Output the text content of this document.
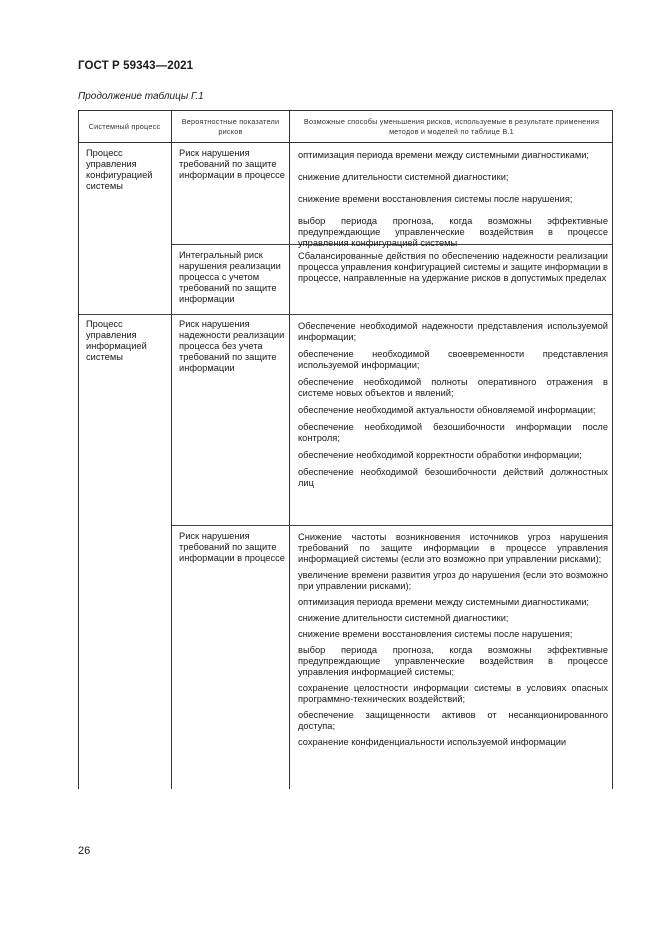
ГОСТ Р 59343—2021
Продолжение таблицы Г.1
Системный процесс
Вероятностные показатели рисков
Возможные способы уменьшения рисков, используемые в результате применения методов и моделей по таблице В.1
Процесс управления конфигурацией системы
Риск нарушения требований по защите информации в процессе

оптимизация периода времени между системными диагностиками;

снижение длительности системной диагностики;

снижение времени восстановления системы после нарушения;

выбор периода прогноза, когда возможны эффективные предупреждающие управленческие воздействия в процессе управления конфигурацией системы

Интегральный риск нарушения реализации процесса с учетом требований по защите информации

Сбалансированные действия по обеспечению надежности реализации процесса управления конфигурацией системы и защите информации в процессе, направленные на удержание рисков в допустимых пределах

Процесс управления информацией системы
Риск нарушения надежности реализации процесса без учета требований по защите информации

Обеспечение необходимой надежности представления используемой информации;

обеспечение необходимой своевременности представления используемой информации;

обеспечение необходимой полноты оперативного отражения в системе новых объектов и явлений;

обеспечение необходимой актуальности обновляемой информации;

обеспечение необходимой безошибочности информации после контроля;

обеспечение необходимой корректности обработки информации;

обеспечение необходимой безошибочности действий должностных лиц

Риск нарушения требований по защите информации в процессе

Снижение частоты возникновения источников угроз нарушения требований по защите информации в процессе управления информацией системы (если это возможно при управлении рисками);

увеличение времени развития угроз до нарушения (если это возможно при управлении рисками);

оптимизация периода времени между системными диагностиками;

снижение длительности системной диагностики;

снижение времени восстановления системы после нарушения;

выбор периода прогноза, когда возможны эффективные предупреждающие управленческие воздействия в процессе управления информацией системы;

сохранение целостности информации системы в условиях опасных программно-технических воздействий;

обеспечение защищенности активов от несанкционированного доступа;

сохранение конфиденциальности используемой информации

26
